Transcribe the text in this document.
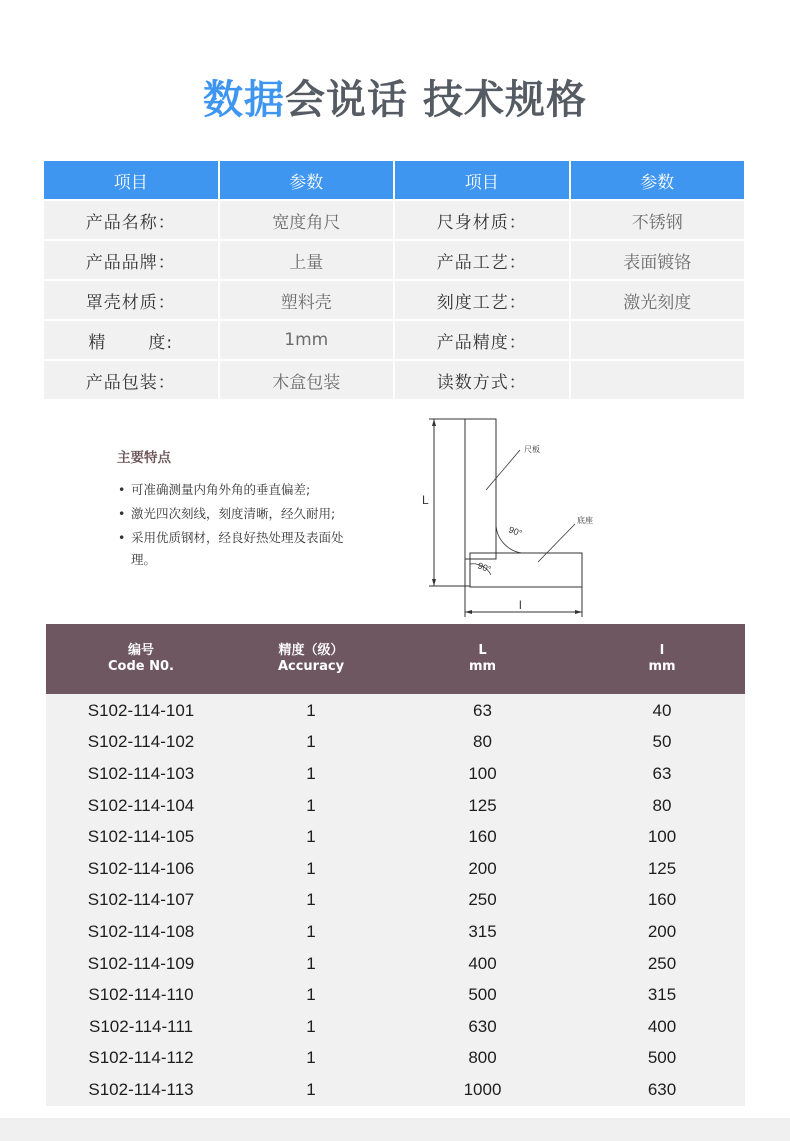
数据会说话 技术规格
项目	参数	项目	参数
产品名称：	宽度角尺	尺身材质：	不锈钢
产品品牌：	上量	产品工艺：	表面镀铬
罩壳材质：	塑料壳	刻度工艺：	激光刻度
精 度:	1mm	产品精度：	
产品包装：	木盒包装	读数方式：	
主要特点
• 可准确测量内角外角的垂直偏差;
• 激光四次刻线，刻度清晰，经久耐用;
• 采用优质钢材，经良好热处理及表面处理。
L
90°
90°
尺板
底座
l
编号
Code N0.
精度（级）
Accuracy
L
mm
l
mm
S102-114-101	1	63	40
S102-114-102	1	80	50
S102-114-103	1	100	63
S102-114-104	1	125	80
S102-114-105	1	160	100
S102-114-106	1	200	125
S102-114-107	1	250	160
S102-114-108	1	315	200
S102-114-109	1	400	250
S102-114-110	1	500	315
S102-114-111	1	630	400
S102-114-112	1	800	500
S102-114-113	1	1000	630
